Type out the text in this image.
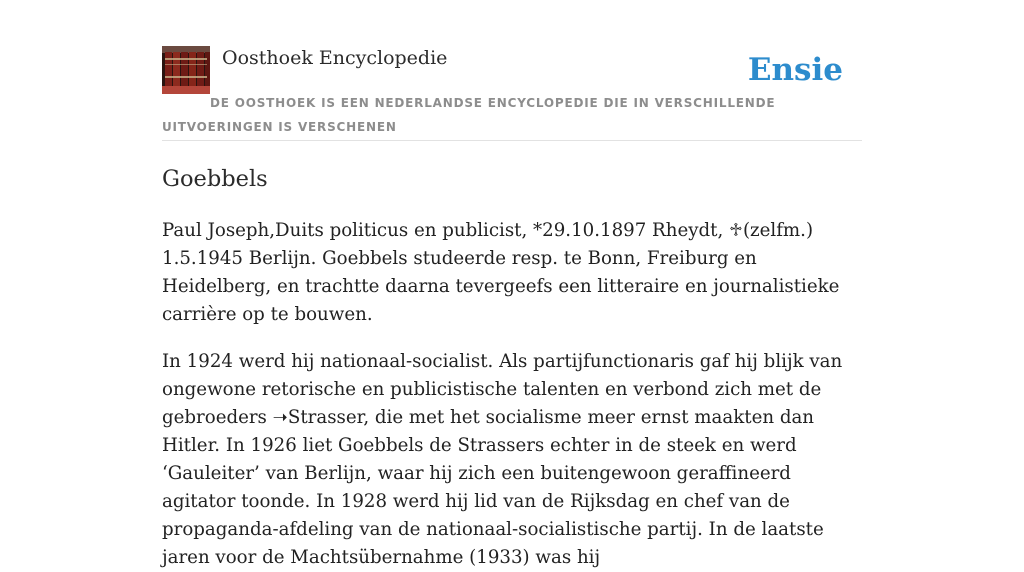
Oosthoek Encyclopedie	Ensie
DE OOSTHOEK IS EEN NEDERLANDSE ENCYCLOPEDIE DIE IN VERSCHILLENDE UITVOERINGEN IS VERSCHENEN
Goebbels

Paul Joseph,Duits politicus en publicist, *29.10.1897 Rheydt, ♱(zelfm.) 1.5.1945 Berlijn. Goebbels studeerde resp. te Bonn, Freiburg en Heidelberg, en trachtte daarna tevergeefs een litteraire en journalistieke carrière op te bouwen.

In 1924 werd hij nationaal-socialist. Als partijfunctionaris gaf hij blijk van ongewone retorische en publicistische talenten en verbond zich met de gebroeders ➝Strasser, die met het socialisme meer ernst maakten dan Hitler. In 1926 liet Goebbels de Strassers echter in de steek en werd ‘Gauleiter’ van Berlijn, waar hij zich een buitengewoon geraffineerd agitator toonde. In 1928 werd hij lid van de Rijksdag en chef van de propaganda-afdeling van de nationaal-socialistische partij. In de laatste jaren voor de Machtsübernahme (1933) was hij
